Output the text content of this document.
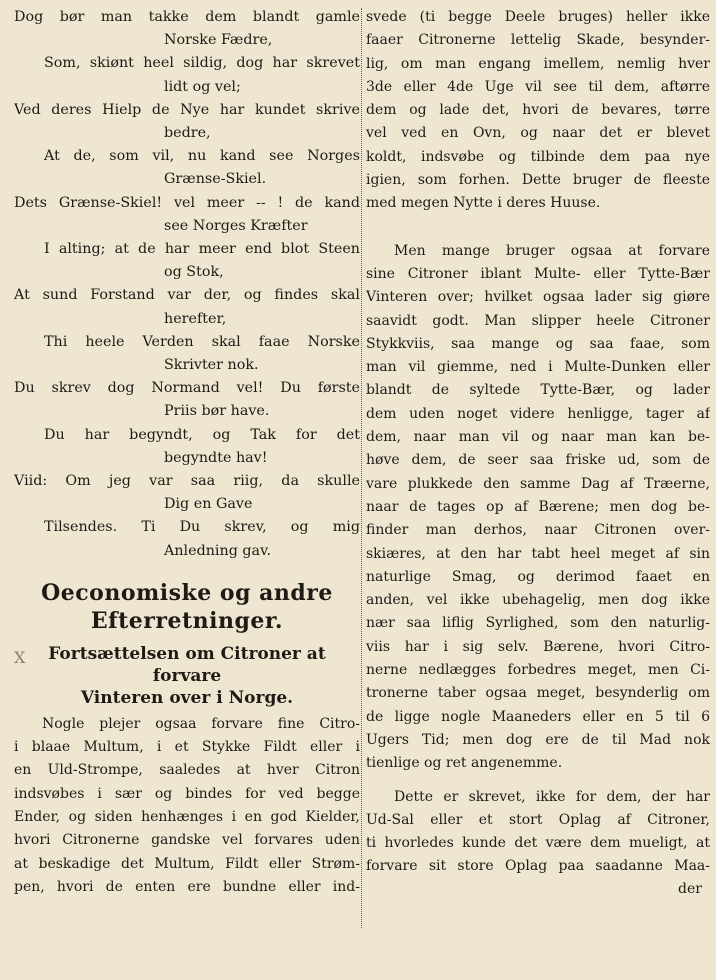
X
Dog bør man takke dem blandt gamle
Norske Fædre,
Som, skiønt heel sildig, dog har skrevet
lidt og vel;
Ved deres Hielp de Nye har kundet skrive
bedre,
At de, som vil, nu kand see Norges
Grænse-Skiel.
Dets Grænse-Skiel! vel meer -- ! de kand
see Norges Kræfter
I alting; at de har meer end blot Steen
og Stok,
At sund Forstand var der, og findes skal
herefter,
Thi heele Verden skal faae Norske
Skrivter nok.
Du skrev dog Normand vel! Du første
Priis bør have.
Du har begyndt, og Tak for det
begyndte hav!
Viid: Om jeg var saa riig, da skulle
Dig en Gave
Tilsendes. Ti Du skrev, og mig
Anledning gav.
Oeconomiske og andre
Efterretninger.
Fortsættelsen om Citroner at forvare
Vinteren over i Norge.
Nogle plejer ogsaa forvare fine Citro-
i blaae Multum, i et Stykke Fildt eller i
en Uld-Strompe, saaledes at hver Citron
indsvøbes i sær og bindes for ved begge
Ender, og siden henhænges i en god Kielder,
hvori Citronerne gandske vel forvares uden
at beskadige det Multum, Fildt eller Strøm-
pen, hvori de enten ere bundne eller ind-
svede (ti begge Deele bruges) heller ikke
faaer Citronerne lettelig Skade, besynder-
lig, om man engang imellem, nemlig hver
3de eller 4de Uge vil see til dem, aftørre
dem og lade det, hvori de bevares, tørre
vel ved en Ovn, og naar det er blevet
koldt, indsvøbe og tilbinde dem paa nye
igien, som forhen. Dette bruger de fleeste
med megen Nytte i deres Huuse.
Men mange bruger ogsaa at forvare
sine Citroner iblant Multe- eller Tytte-Bær
Vinteren over; hvilket ogsaa lader sig giøre
saavidt godt. Man slipper heele Citroner
Stykkviis, saa mange og saa faae, som
man vil giemme, ned i Multe-Dunken eller
blandt de syltede Tytte-Bær, og lader
dem uden noget videre henligge, tager af
dem, naar man vil og naar man kan be-
høve dem, de seer saa friske ud, som de
vare plukkede den samme Dag af Træerne,
naar de tages op af Bærene; men dog be-
finder man derhos, naar Citronen over-
skiæres, at den har tabt heel meget af sin
naturlige Smag, og derimod faaet en
anden, vel ikke ubehagelig, men dog ikke
nær saa liflig Syrlighed, som den naturlig-
viis har i sig selv. Bærene, hvori Citro-
nerne nedlægges forbedres meget, men Ci-
tronerne taber ogsaa meget, besynderlig om
de ligge nogle Maaneders eller en 5 til 6
Ugers Tid; men dog ere de til Mad nok
tienlige og ret angenemme.
Dette er skrevet, ikke for dem, der har
Ud-Sal eller et stort Oplag af Citroner,
ti hvorledes kunde det være dem mueligt, at
forvare sit store Oplag paa saadanne Maa-
der
